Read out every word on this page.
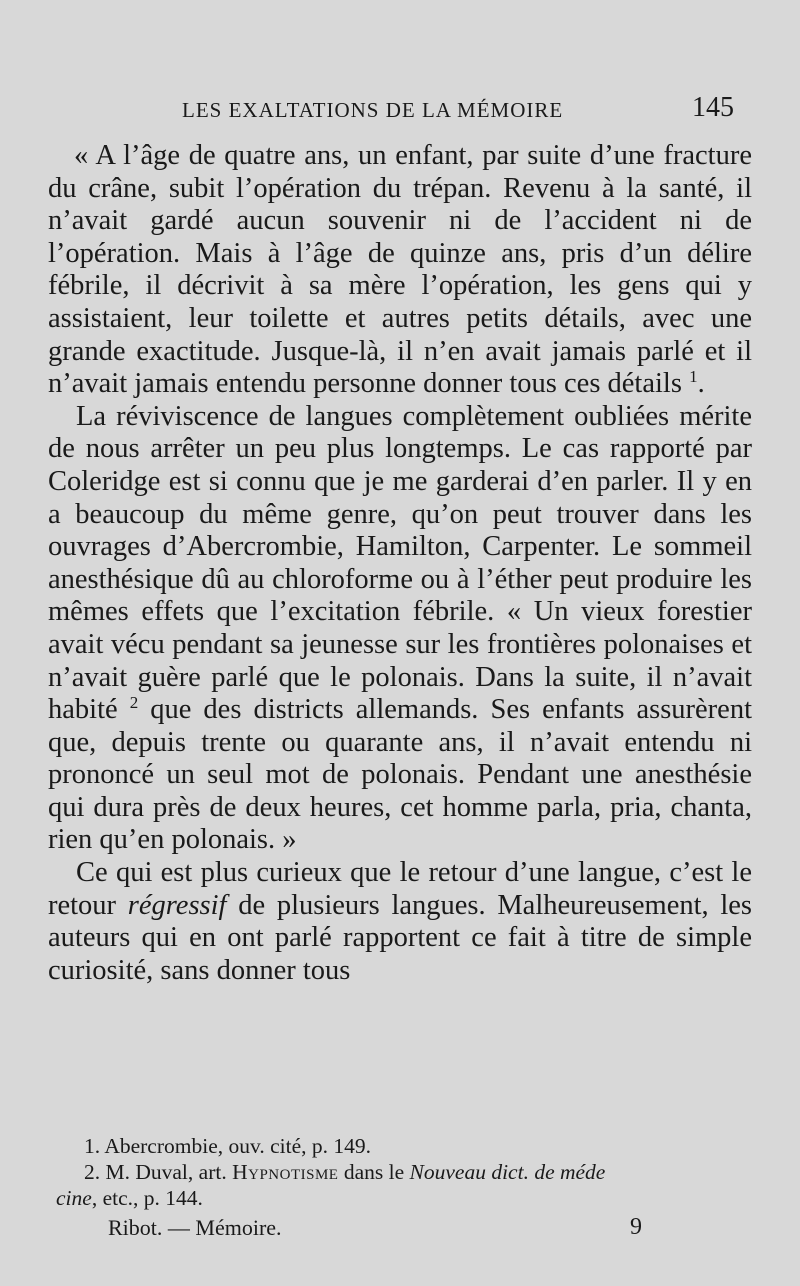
LES EXALTATIONS DE LA MÉMOIRE	145

« A l’âge de quatre ans, un enfant, par suite d’une fracture du crâne, subit l’opération du trépan. Revenu à la santé, il n’avait gardé aucun souvenir ni de l’accident ni de l’opération. Mais à l’âge de quinze ans, pris d’un délire fébrile, il décrivit à sa mère l’opération, les gens qui y assistaient, leur toilette et autres petits détails, avec une grande exactitude. Jusque-là, il n’en avait jamais parlé et il n’avait jamais entendu personne donner tous ces détails $^1$.

La réviviscence de langues complètement oubliées mérite de nous arrêter un peu plus longtemps. Le cas rapporté par Coleridge est si connu que je me garderai d’en parler. Il y en a beaucoup du même genre, qu’on peut trouver dans les ouvrages d’Abercrombie, Hamilton, Carpenter. Le sommeil anesthésique dû au chloroforme ou à l’éther peut produire les mêmes effets que l’excitation fébrile. « Un vieux forestier avait vécu pendant sa jeunesse sur les frontières polonaises et n’avait guère parlé que le polonais. Dans la suite, il n’avait habité $^2$ que des districts allemands. Ses enfants assurèrent que, depuis trente ou quarante ans, il n’avait entendu ni prononcé un seul mot de polonais. Pendant une anesthésie qui dura près de deux heures, cet homme parla, pria, chanta, rien qu’en polonais. »

Ce qui est plus curieux que le retour d’une langue, c’est le retour régressif de plusieurs langues. Malheureusement, les auteurs qui en ont parlé rapportent ce fait à titre de simple curiosité, sans donner tous

1. Abercrombie, ouv. cité, p. 149.

2. M. Duval, art. Hypnotisme dans le Nouveau dict. de méde
cine, etc., p. 144.

Ribot. — Mémoire.	9
